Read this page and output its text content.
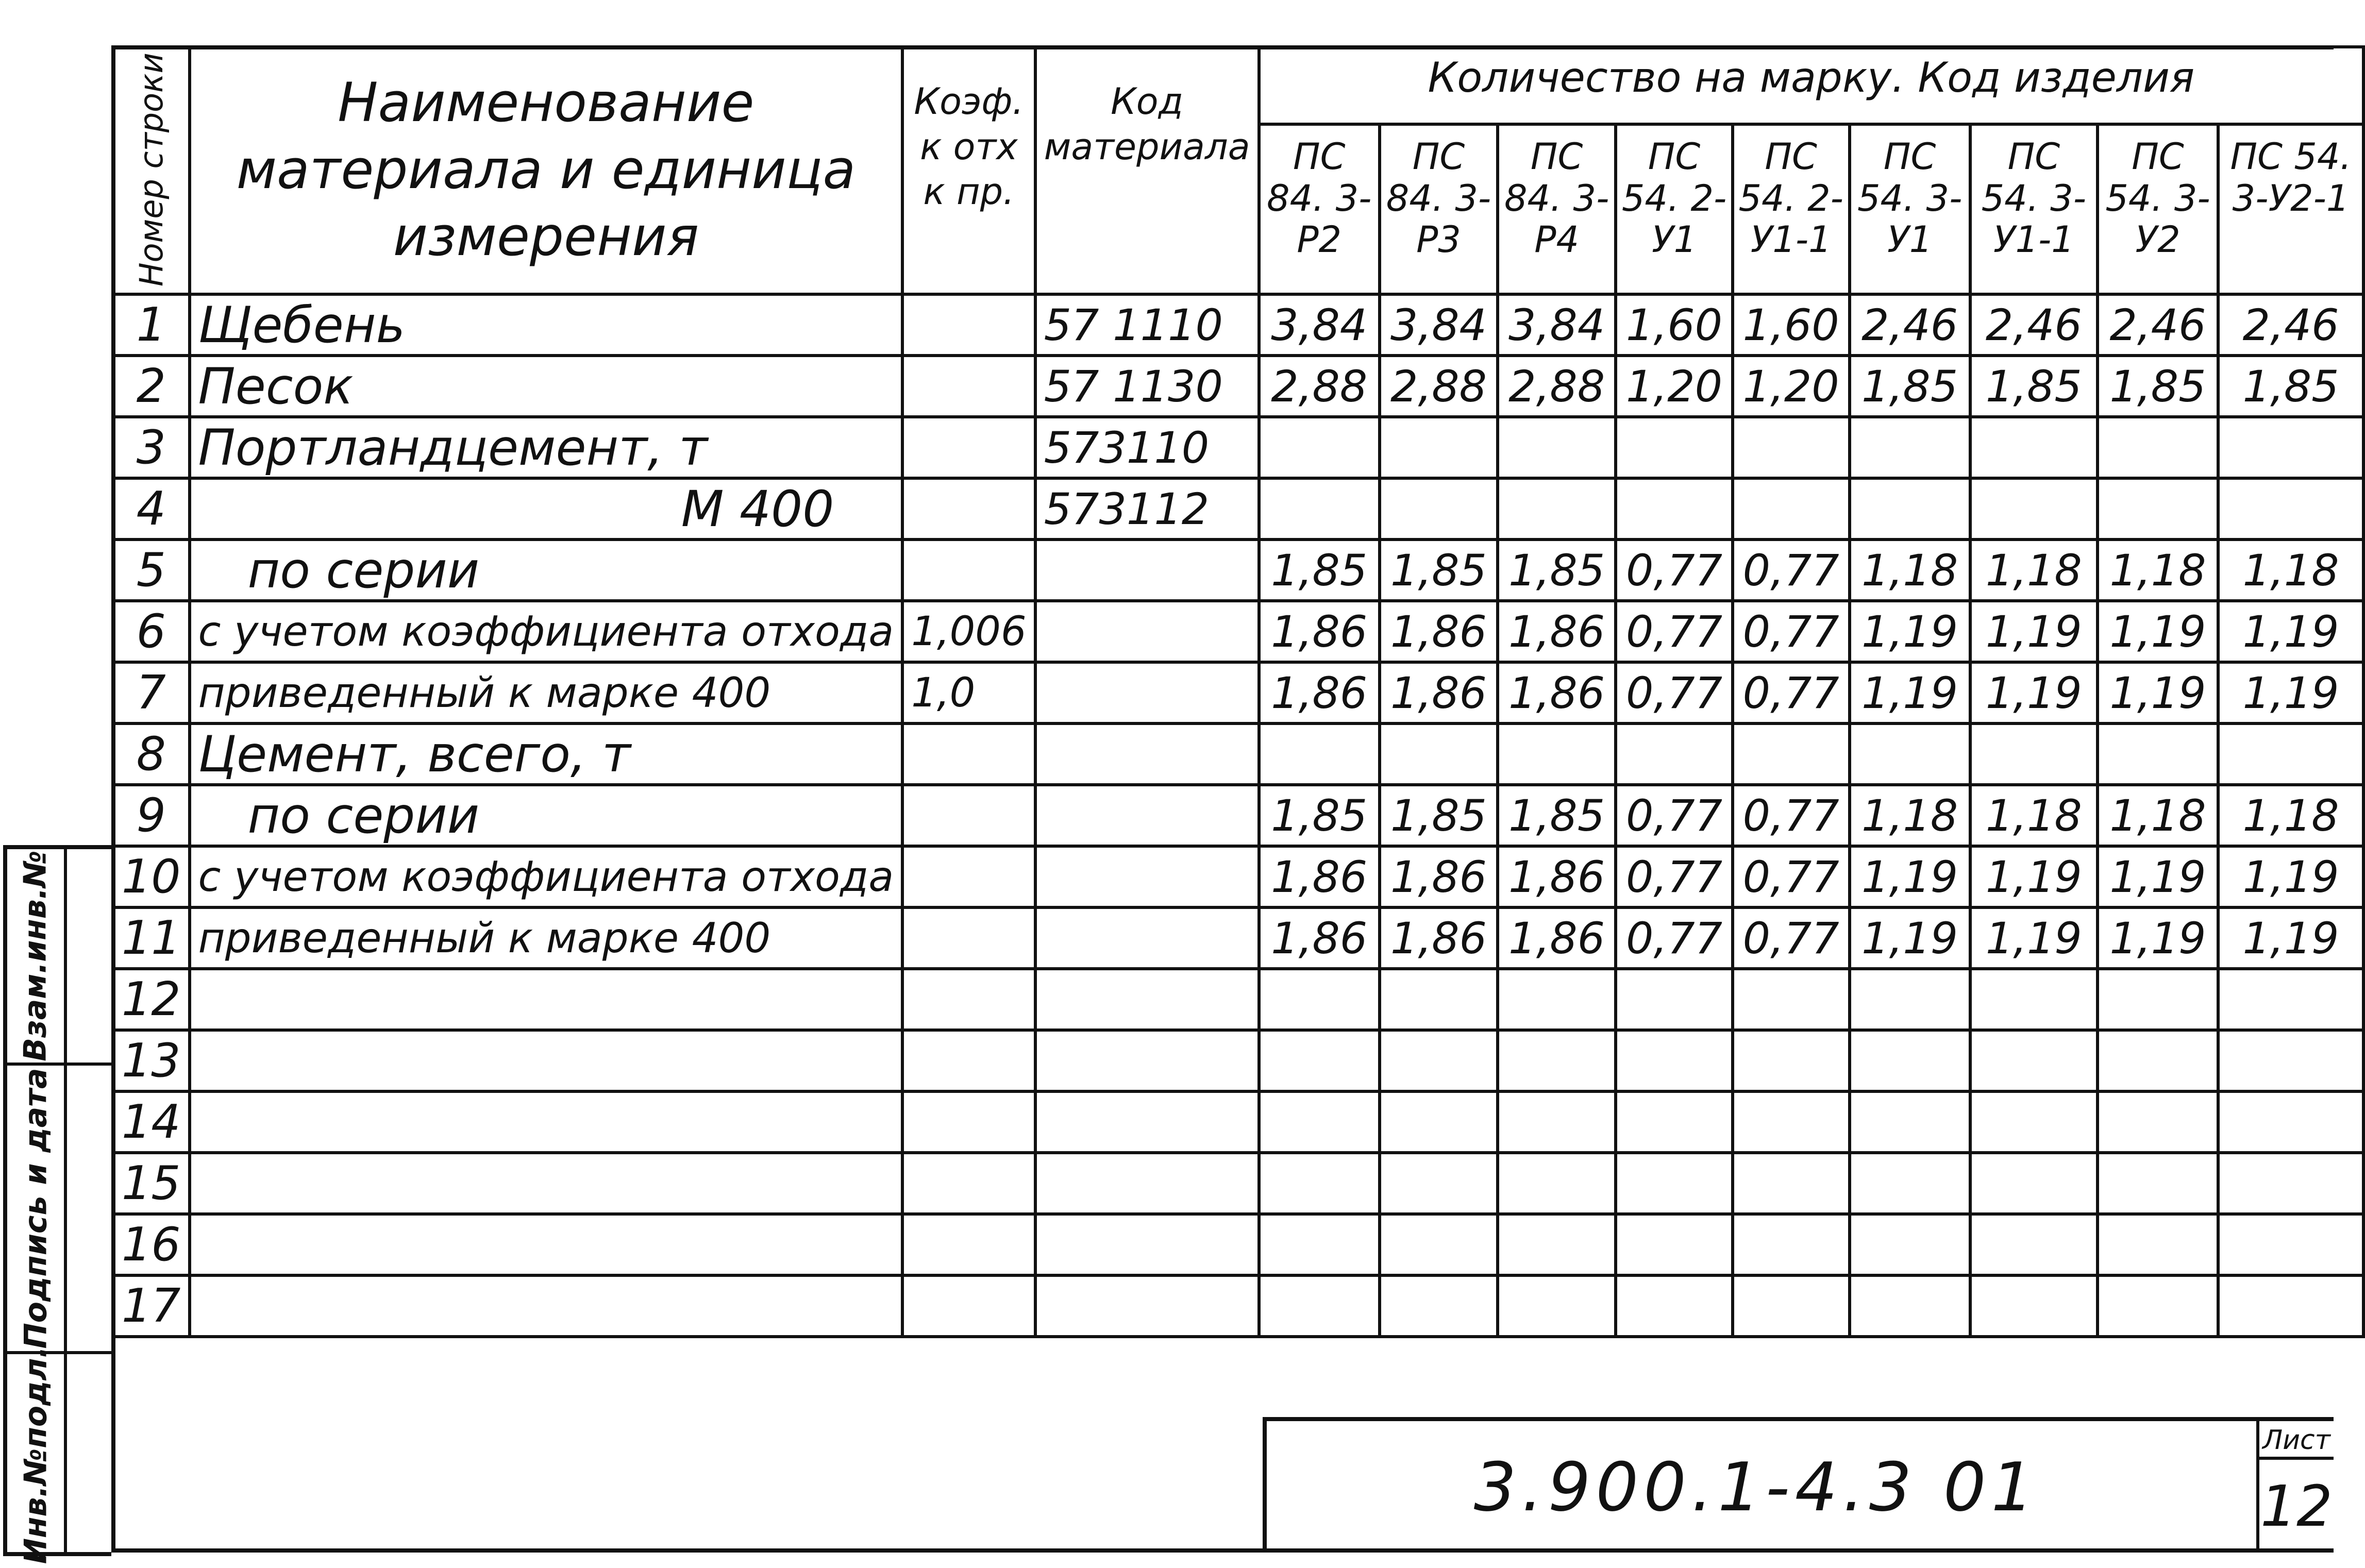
Взам.инв.№
Подпись и дата
Инв.№подл.
Номер строки	Наименование материала и единица измерения	Коэф. к отх к пр.	Код материала	Количество на марку. Код изделия								
				ПС 84. 3-Р2	ПС 84. 3-Р3	ПС 84. 3-Р4	ПС 54. 2-У1	ПС 54. 2-У1-1	ПС 54. 3-У1	ПС 54. 3-У1-1	ПС 54. 3-У2	ПС 54. 3-У2-1
1	Щебень		57 1110	3,84	3,84	3,84	1,60	1,60	2,46	2,46	2,46	2,46
2	Песок		57 1130	2,88	2,88	2,88	1,20	1,20	1,85	1,85	1,85	1,85
3	Портландцемент, т		573110									
4	М 400		573112									
5	по серии			1,85	1,85	1,85	0,77	0,77	1,18	1,18	1,18	1,18
6	с учетом коэффициента отхода	1,006		1,86	1,86	1,86	0,77	0,77	1,19	1,19	1,19	1,19
7	приведенный к марке 400	1,0		1,86	1,86	1,86	0,77	0,77	1,19	1,19	1,19	1,19
8	Цемент, всего, т											
9	по серии			1,85	1,85	1,85	0,77	0,77	1,18	1,18	1,18	1,18
10	с учетом коэффициента отхода			1,86	1,86	1,86	0,77	0,77	1,19	1,19	1,19	1,19
11	приведенный к марке 400			1,86	1,86	1,86	0,77	0,77	1,19	1,19	1,19	1,19
12												
13												
14												
15												
16												
17												
3.900.1-4.3 01
Лист
12
